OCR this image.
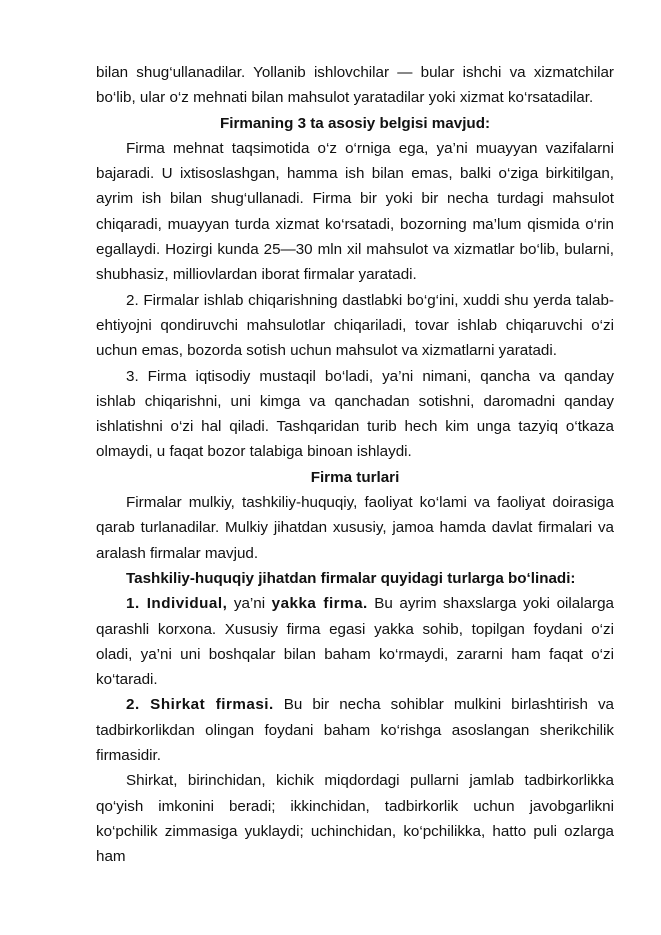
bilan shug‘ullanadilar. Yollanib ishlovchilar — bular ishchi va xizmatchilar bo‘lib, ular o‘z mehnati bilan mahsulot yaratadilar yoki xizmat ko‘rsatadilar.

Firmaning 3 ta asosiy belgisi mavjud:

Firma mehnat taqsimotida o‘z o‘rniga ega, ya’ni muayyan vazifalarni bajaradi. U ixtisoslashgan, hamma ish bilan emas, balki o‘ziga birkitilgan, ayrim ish bilan shug‘ullanadi. Firma bir yoki bir necha turdagi mahsulot chiqaradi, muayyan turda xizmat ko‘rsatadi, bozorning ma’lum qismida o‘rin egallaydi. Hozirgi kunda 25—30 mln xil mahsulot va xizmatlar bo‘lib, bularni, shubhasiz, milliονlardan iborat firmalar yaratadi.

2. Firmalar ishlab chiqarishning dastlabki bo‘g‘ini, xuddi shu yerda talab-ehtiyojni qondiruvchi mahsulotlar chiqariladi, tovar ishlab chiqaruvchi o‘zi uchun emas, bozorda sotish uchun mahsulot va xizmatlarni yaratadi.

3. Firma iqtisodiy mustaqil bo‘ladi, ya’ni nimani, qancha va qanday ishlab chiqarishni, uni kimga va qanchadan sotishni, daromadni qanday ishlatishni o‘zi hal qiladi. Tashqaridan turib hech kim unga tazyiq o‘tkaza olmaydi, u faqat bozor talabiga binoan ishlaydi.

Firma turlari

Firmalar mulkiy, tashkiliy-huquqiy, faoliyat ko‘lami va faoliyat doirasiga qarab turlanadilar. Mulkiy jihatdan xususiy, jamoa hamda davlat firmalari va aralash firmalar mavjud.

Tashkiliy-huquqiy jihatdan firmalar quyidagi turlarga bo‘linadi:

1. Individual, ya’ni yakka firma. Bu ayrim shaxslarga yoki oilalarga qarashli korxona. Xususiy firma egasi yakka sohib, topilgan foydani o‘zi oladi, ya’ni uni boshqalar bilan baham ko‘rmaydi, zararni ham faqat o‘zi ko‘taradi.

2. Shirkat firmasi. Bu bir necha sohiblar mulkini birlashtirish va tadbirkorlikdan olingan foydani baham ko‘rishga asoslangan sherikchilik firmasidir.

Shirkat, birinchidan, kichik miqdordagi pullarni jamlab tadbirkorlikka qo‘yish imkonini beradi; ikkinchidan, tadbirkorlik uchun javobgarlikni ko‘pchilik zimmasiga yuklaydi; uchinchidan, ko‘pchilikka, hatto puli ozlarga ham
